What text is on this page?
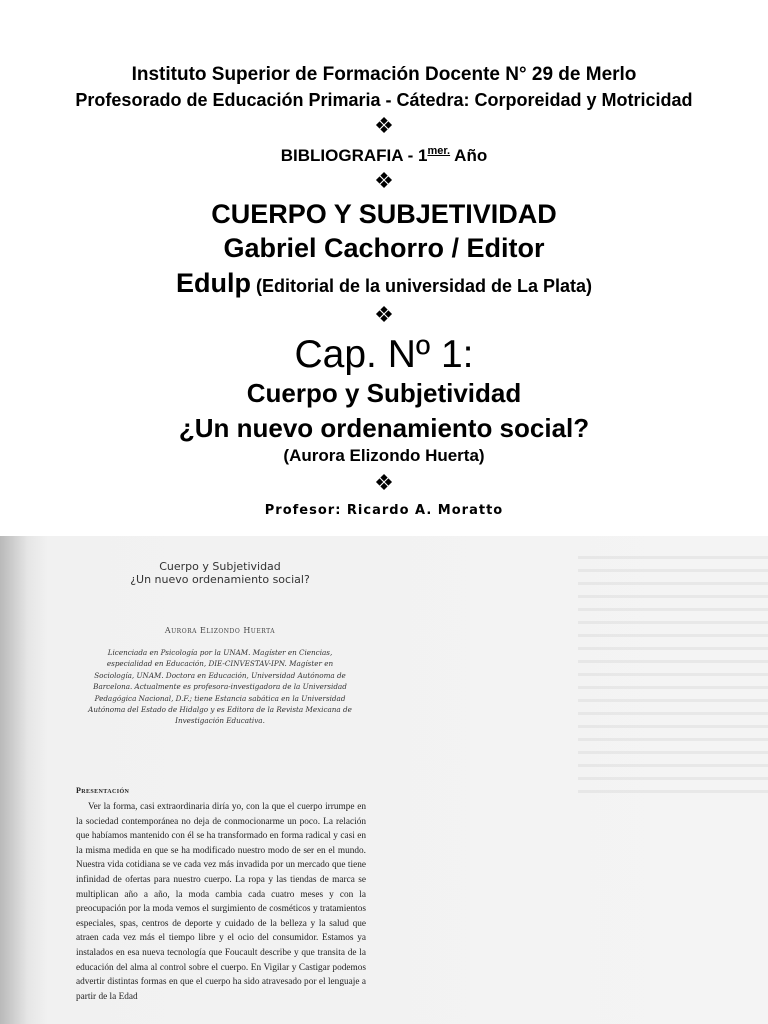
Instituto Superior de Formación Docente N° 29 de Merlo
Profesorado de Educación Primaria - Cátedra: Corporeidad y Motricidad
❖
BIBLIOGRAFIA - $1^{mer.}$ Año
❖
CUERPO Y SUBJETIVIDAD
Gabriel Cachorro / Editor
Edulp (Editorial de la universidad de La Plata)
❖
Cap. Nº 1:
Cuerpo y Subjetividad
¿Un nuevo ordenamiento social?
(Aurora Elizondo Huerta)
❖
Profesor: Ricardo A. Moratto
Cuerpo y Subjetividad
¿Un nuevo ordenamiento social?
Aurora Elizondo Huerta
Licenciada en Psicología por la UNAM. Magíster en Ciencias, especialidad en Educación, DIE-CINVESTAV-IPN. Magíster en Sociología, UNAM. Doctora en Educación, Universidad Autónoma de Barcelona. Actualmente es profesora-investigadora de la Universidad Pedagógica Nacional, D.F.; tiene Estancia sabática en la Universidad Autónoma del Estado de Hidalgo y es Editora de la Revista Mexicana de Investigación Educativa.
Presentación

Ver la forma, casi extraordinaria diría yo, con la que el cuerpo irrumpe en la sociedad contemporánea no deja de conmocionarme un poco. La relación que habíamos mantenido con él se ha transformado en forma radical y casi en la misma medida en que se ha modificado nuestro modo de ser en el mundo. Nuestra vida cotidiana se ve cada vez más invadida por un mercado que tiene infinidad de ofertas para nuestro cuerpo. La ropa y las tiendas de marca se multiplican año a año, la moda cambia cada cuatro meses y con la preocupación por la moda vemos el surgimiento de cosméticos y tratamientos especiales, spas, centros de deporte y cuidado de la belleza y la salud que atraen cada vez más el tiempo libre y el ocio del consumidor. Estamos ya instalados en esa nueva tecnología que Foucault describe y que transita de la educación del alma al control sobre el cuerpo. En Vigilar y Castigar podemos advertir distintas formas en que el cuerpo ha sido atravesado por el lenguaje a partir de la Edad
